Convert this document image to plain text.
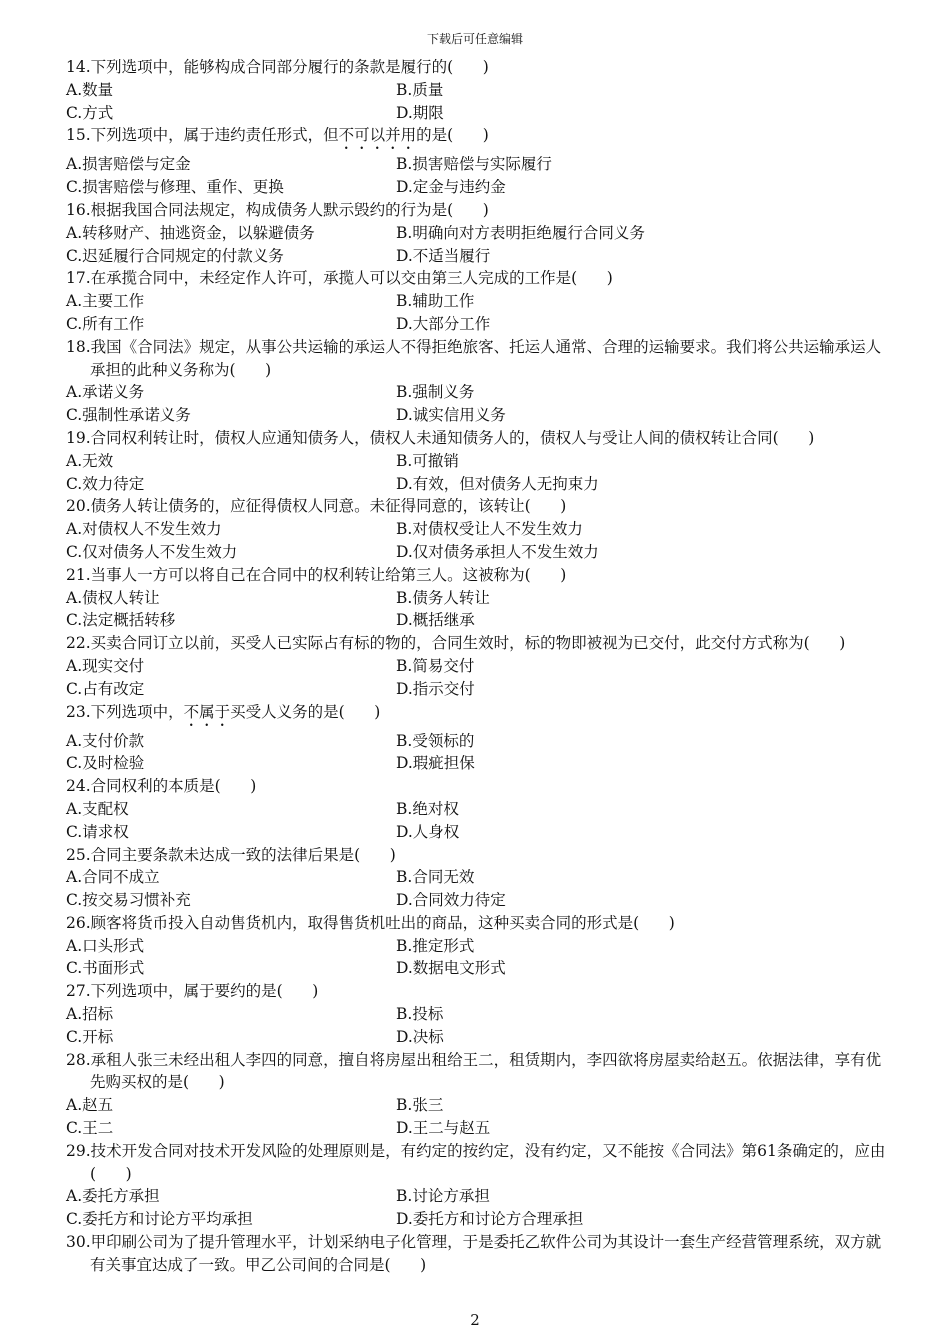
下载后可任意编辑
14.下列选项中，能够构成合同部分履行的条款是履行的(      )
A.数量	B.质量
C.方式	D.期限
15.下列选项中，属于违约责任形式，但不可以并用的是(      )
A.损害赔偿与定金	B.损害赔偿与实际履行
C.损害赔偿与修理、重作、更换	D.定金与违约金
16.根据我国合同法规定，构成债务人默示毁约的行为是(      )
A.转移财产、抽逃资金，以躲避债务	B.明确向对方表明拒绝履行合同义务
C.迟延履行合同规定的付款义务	D.不适当履行
17.在承揽合同中，未经定作人许可，承揽人可以交由第三人完成的工作是(      )
A.主要工作	B.辅助工作
C.所有工作	D.大部分工作
18.我国《合同法》规定，从事公共运输的承运人不得拒绝旅客、托运人通常、合理的运输要求。我们将公共运输承运人承担的此种义务称为(      )
A.承诺义务	B.强制义务
C.强制性承诺义务	D.诚实信用义务
19.合同权利转让时，债权人应通知债务人，债权人未通知债务人的，债权人与受让人间的债权转让合同(      )
A.无效	B.可撤销
C.效力待定	D.有效，但对债务人无拘束力
20.债务人转让债务的，应征得债权人同意。未征得同意的，该转让(      )
A.对债权人不发生效力	B.对债权受让人不发生效力
C.仅对债务人不发生效力	D.仅对债务承担人不发生效力
21.当事人一方可以将自己在合同中的权利转让给第三人。这被称为(      )
A.债权人转让	B.债务人转让
C.法定概括转移	D.概括继承
22.买卖合同订立以前，买受人已实际占有标的物的，合同生效时，标的物即被视为已交付，此交付方式称为(      )
A.现实交付	B.简易交付
C.占有改定	D.指示交付
23.下列选项中，不属于买受人义务的是(      )
A.支付价款	B.受领标的
C.及时检验	D.瑕疵担保
24.合同权利的本质是(      )
A.支配权	B.绝对权
C.请求权	D.人身权
25.合同主要条款未达成一致的法律后果是(      )
A.合同不成立	B.合同无效
C.按交易习惯补充	D.合同效力待定
26.顾客将货币投入自动售货机内，取得售货机吐出的商品，这种买卖合同的形式是(      )
A.口头形式	B.推定形式
C.书面形式	D.数据电文形式
27.下列选项中，属于要约的是(      )
A.招标	B.投标
C.开标	D.决标
28.承租人张三未经出租人李四的同意，擅自将房屋出租给王二，租赁期内，李四欲将房屋卖给赵五。依据法律，享有优先购买权的是(      )
A.赵五	B.张三
C.王二	D.王二与赵五
29.技术开发合同对技术开发风险的处理原则是，有约定的按约定，没有约定，又不能按《合同法》第61条确定的，应由(      )
A.委托方承担	B.讨论方承担
C.委托方和讨论方平均承担	D.委托方和讨论方合理承担
30.甲印刷公司为了提升管理水平，计划采纳电子化管理，于是委托乙软件公司为其设计一套生产经营管理系统，双方就有关事宜达成了一致。甲乙公司间的合同是(      )
2
